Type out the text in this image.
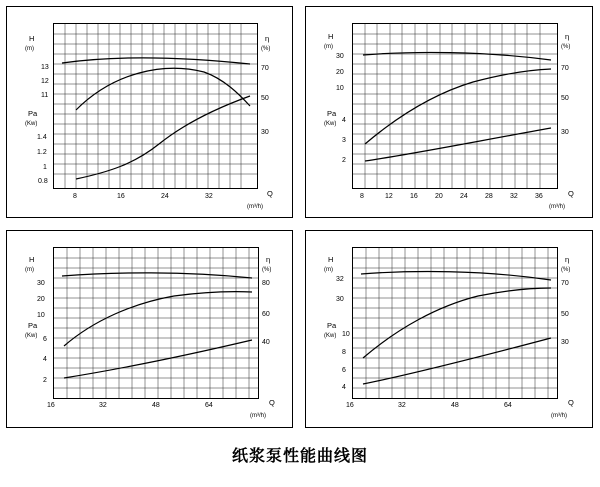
H
(m)
Pa
(Kw)
η
(%)
Q
(m³/h)
13
12
11
1.4
1.2
1
0.8
70
50
30
8	16	24	32
H
(m)
Pa
(Kw)
η
(%)
Q
(m³/h)
30
20
10
4
3
2
70
50
30
8	12 16 20 24 28 32 36
H
(m)
Pa
(Kw)
η
(%)
Q
(m³/h)
30
20
10
6
4
2
80
60
40
16	32	48	64
H
(m)
Pa
(Kw)
η
(%)
Q
(m³/h)
32
30
10
8
6
4
70
50
30
16	32	48	64
纸浆泵性能曲线图
